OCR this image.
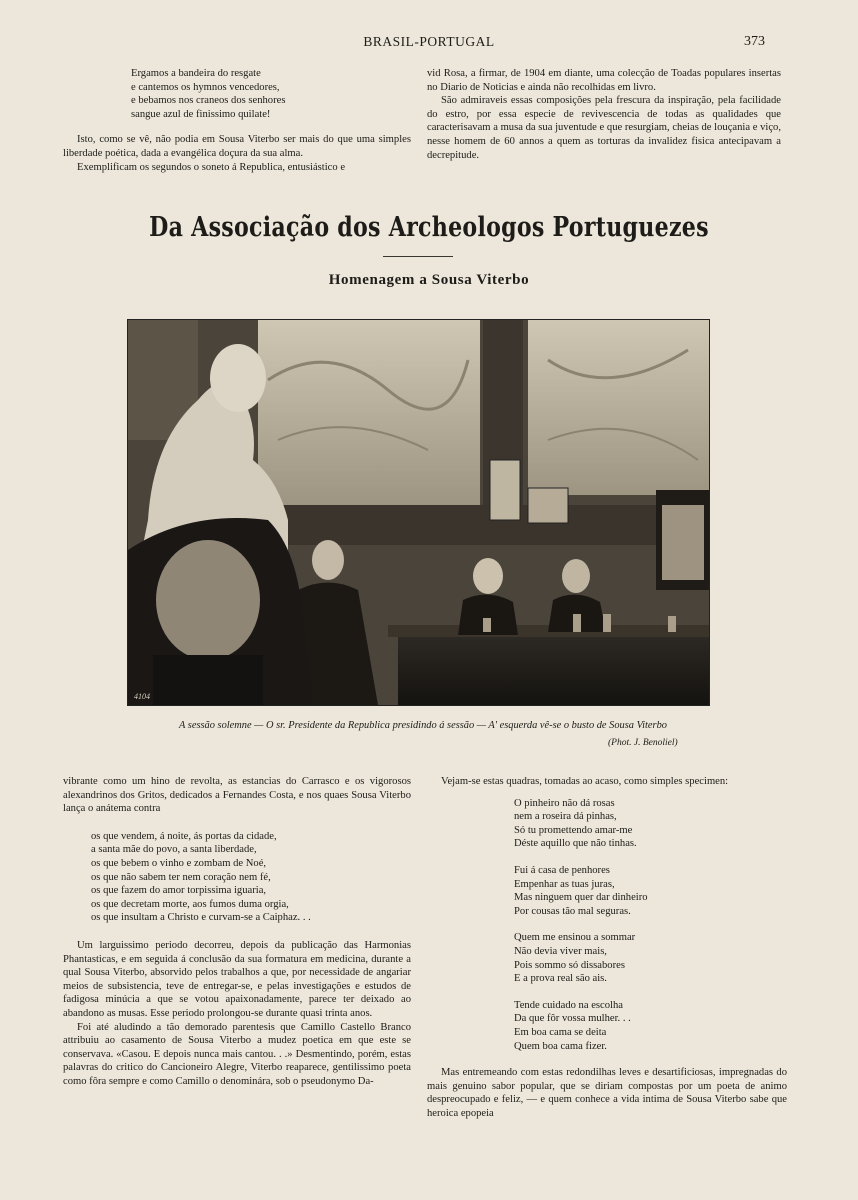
BRASIL-PORTUGAL	373
Ergamos a bandeira do resgate
e cantemos os hymnos vencedores,
e bebamos nos craneos dos senhores
sangue azul de finissimo quilate!

Isto, como se vê, não podia em Sousa Viterbo ser mais do que uma simples liberdade poética, dada a evangélica doçura da sua alma.

Exemplificam os segundos o soneto á Republica, entusiástico e

vid Rosa, a firmar, de 1904 em diante, uma colecção de Toadas populares insertas no Diario de Noticias e ainda não recolhidas em livro.

São admiraveis essas composições pela frescura da inspiração, pela facilidade do estro, por essa especie de revivescencia de todas as qualidades que caracterisavam a musa da sua juventude e que resurgiam, cheias de louçania e viço, nesse homem de 60 annos a quem as torturas da invalidez fisica antecipavam a decrepitude.

Da Associação dos Archeologos Portuguezes
Homenagem a Sousa Viterbo
4104
A sessão solemne — O sr. Presidente da Republica presidindo á sessão — A' esquerda vê-se o busto de Sousa Viterbo
(Phot. J. Benoliel)

vibrante como um hino de revolta, as estancias do Carrasco e os vigorosos alexandrinos dos Gritos, dedicados a Fernandes Costa, e nos quaes Sousa Viterbo lança o anátema contra

os que vendem, á noite, ás portas da cidade,
a santa mãe do povo, a santa liberdade,
os que bebem o vinho e zombam de Noé,
os que não sabem ter nem coração nem fé,
os que fazem do amor torpissima iguaria,
os que decretam morte, aos fumos duma orgia,
os que insultam a Christo e curvam-se a Caiphaz. . .

Um larguissimo periodo decorreu, depois da publicação das Harmonias Phantasticas, e em seguida á conclusão da sua formatura em medicina, durante a qual Sousa Viterbo, absorvido pelos trabalhos a que, por necessidade de angariar meios de subsistencia, teve de entregar-se, e pelas investigações e estudos de fadigosa minúcia a que se votou apaixonadamente, parece ter deixado ao abandono as musas. Esse periodo prolongou-se durante quasi trinta anos.

Foi até aludindo a tão demorado parentesis que Camillo Castello Branco attribuiu ao casamento de Sousa Viterbo a mudez poetica em que este se conservava. «Casou. E depois nunca mais cantou. . .» Desmentindo, porém, estas palavras do critico do Cancioneiro Alegre, Viterbo reaparece, gentilissimo poeta como fôra sempre e como Camillo o denominára, sob o pseudonymo Da-

Vejam-se estas quadras, tomadas ao acaso, como simples specimen:

O pinheiro não dá rosas
nem a roseira dá pinhas,
Só tu promettendo amar-me
Déste aquillo que não tinhas.
Fui á casa de penhores
Empenhar as tuas juras,
Mas ninguem quer dar dinheiro
Por cousas tão mal seguras.
Quem me ensinou a sommar
Não devia viver mais,
Pois sommo só dissabores
E a prova real são ais.
Tende cuidado na escolha
Da que fôr vossa mulher. . .
Em boa cama se deita
Quem boa cama fizer.

Mas entremeando com estas redondilhas leves e desartificiosas, impregnadas do mais genuino sabor popular, que se diriam compostas por um poeta de animo despreocupado e feliz, — e quem conhece a vida intima de Sousa Viterbo sabe que heroica epopeia
